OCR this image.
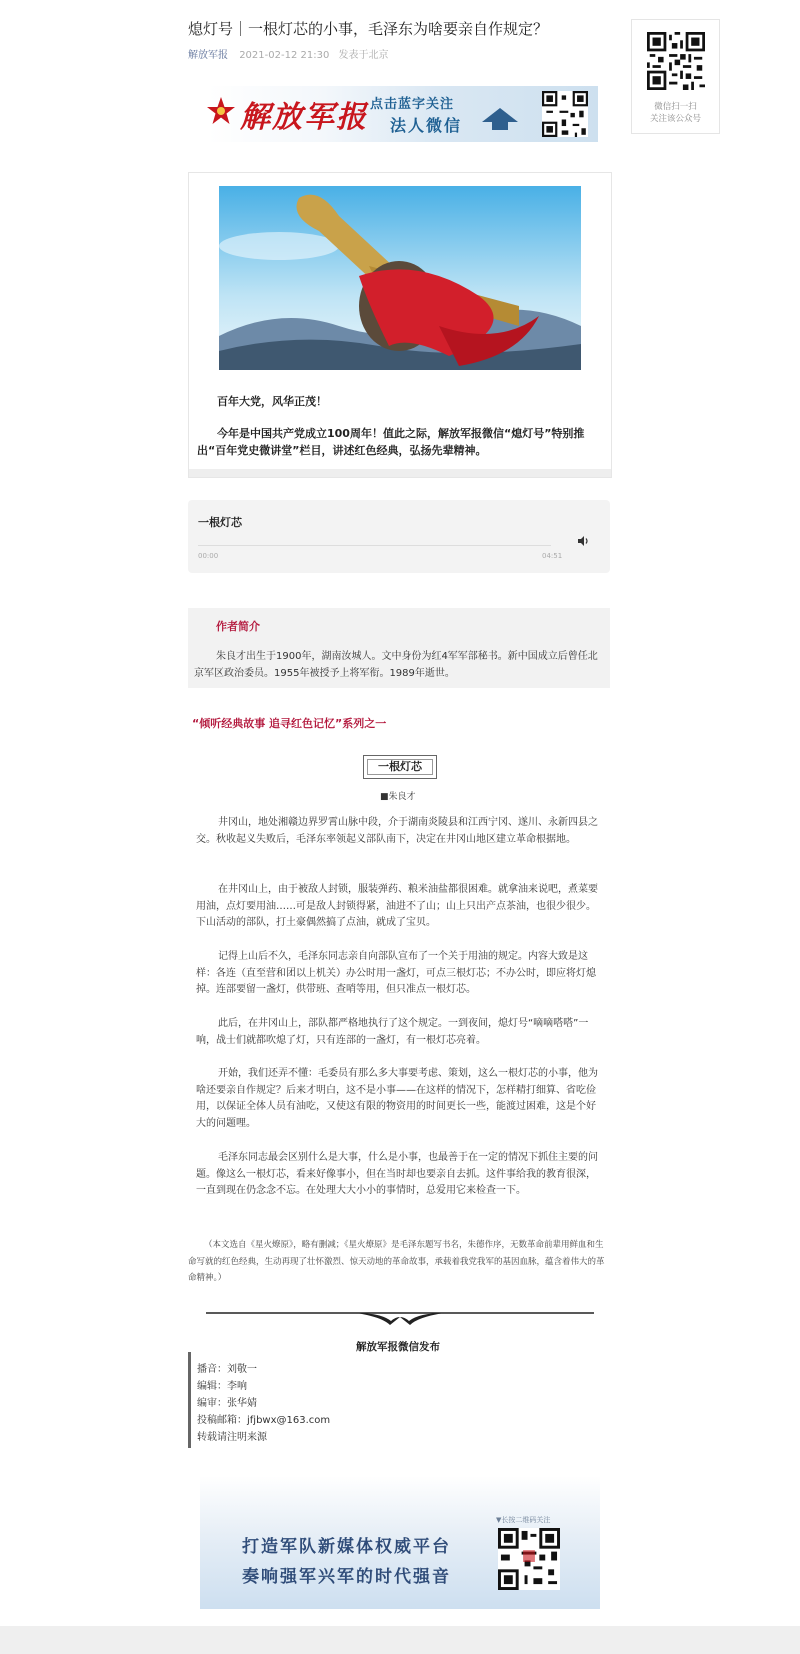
熄灯号｜一根灯芯的小事，毛泽东为啥要亲自作规定？
解放军报 2021-02-12 21:30 发表于北京
微信扫一扫
关注该公众号
解放军报 点击蓝字关注
法人微信
百年大党，风华正茂！
今年是中国共产党成立100周年！值此之际，解放军报微信“熄灯号”特别推出“百年党史微讲堂”栏目，讲述红色经典，弘扬先辈精神。
一根灯芯
00:00	04:51
作者简介
朱良才出生于1900年，湖南汝城人。文中身份为红4军军部秘书。新中国成立后曾任北京军区政治委员。1955年被授予上将军衔。1989年逝世。
“倾听经典故事 追寻红色记忆”系列之一
一根灯芯
■朱良才
井冈山，地处湘赣边界罗霄山脉中段，介于湖南炎陵县和江西宁冈、遂川、永新四县之交。秋收起义失败后，毛泽东率领起义部队南下，决定在井冈山地区建立革命根据地。
在井冈山上，由于被敌人封锁，服装弹药、粮米油盐都很困难。就拿油来说吧，煮菜要用油，点灯要用油……可是敌人封锁得紧，油进不了山；山上只出产点茶油，也很少很少。下山活动的部队，打土豪偶然搞了点油，就成了宝贝。
记得上山后不久，毛泽东同志亲自向部队宣布了一个关于用油的规定。内容大致是这样：各连（直至营和团以上机关）办公时用一盏灯，可点三根灯芯；不办公时，即应将灯熄掉。连部要留一盏灯，供带班、查哨等用，但只准点一根灯芯。
此后，在井冈山上，部队都严格地执行了这个规定。一到夜间，熄灯号“嘀嘀嗒嗒”一响，战士们就都吹熄了灯，只有连部的一盏灯，有一根灯芯亮着。
开始，我们还弄不懂：毛委员有那么多大事要考虑、策划，这么一根灯芯的小事，他为啥还要亲自作规定？后来才明白，这不是小事——在这样的情况下，怎样精打细算、省吃俭用，以保证全体人员有油吃，又使这有限的物资用的时间更长一些，能渡过困难，这是个好大的问题哩。
毛泽东同志最会区别什么是大事，什么是小事，也最善于在一定的情况下抓住主要的问题。像这么一根灯芯，看来好像事小，但在当时却也要亲自去抓。这件事给我的教育很深，一直到现在仍念念不忘。在处理大大小小的事情时，总爱用它来检查一下。
（本文选自《星火燎原》，略有删减；《星火燎原》是毛泽东题写书名，朱德作序，无数革命前辈用鲜血和生命写就的红色经典，生动再现了壮怀激烈、惊天动地的革命故事，承载着我党我军的基因血脉，蕴含着伟大的革命精神。）
解放军报微信发布
播音：刘敬一
编辑：李响
编审：张华婧
投稿邮箱：jfjbwx@163.com
转载请注明来源
打造军队新媒体权威平台
奏响强军兴军的时代强音
▼长按二维码关注
